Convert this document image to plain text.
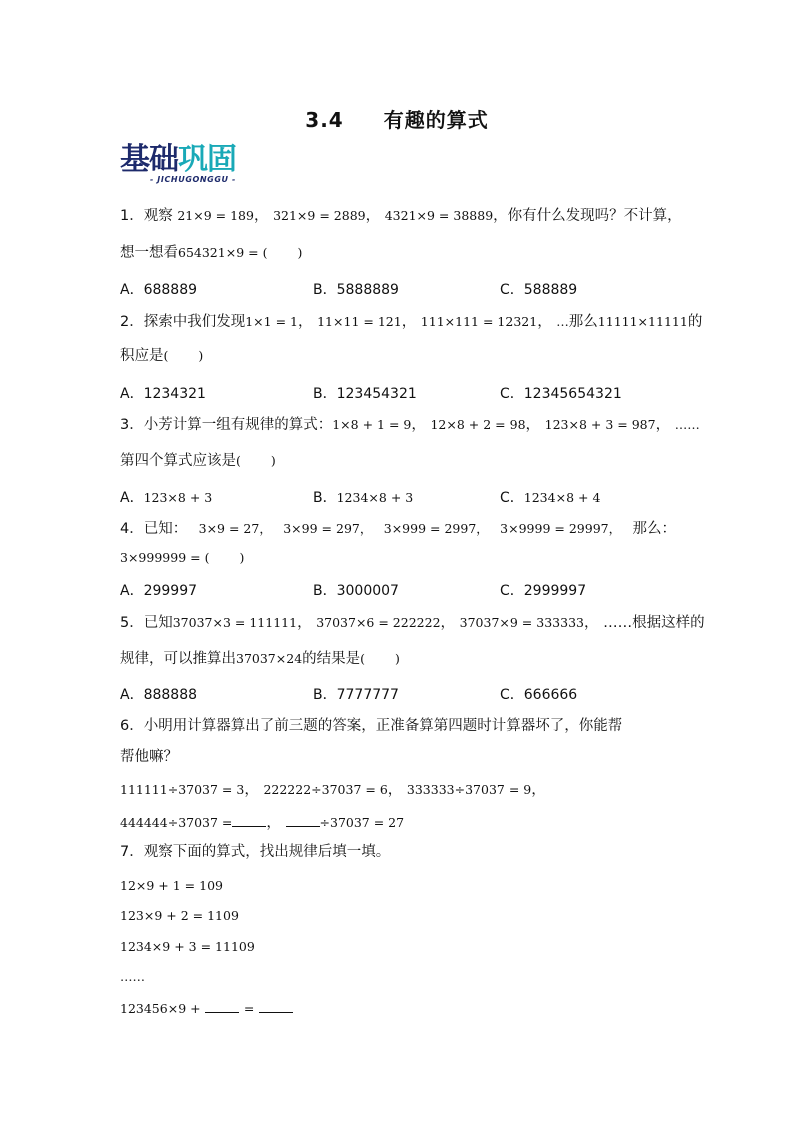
3.4 有趣的算式
基础巩固
- JICHUGONGGU -
1．观察 21×9 = 189， 321×9 = 2889， 4321×9 = 38889，你有什么发现吗？不计算，
想一想看654321×9 = ( )
A．688889	B．5888889	C．588889
2．探索中我们发现1×1 = 1， 11×11 = 121， 111×111 = 12321， …那么11111×11111的
积应是( )
A．1234321	B．123454321	C．12345654321
3．小芳计算一组有规律的算式：1×8 + 1 = 9， 12×8 + 2 = 98， 123×8 + 3 = 987， ……
第四个算式应该是( )
A．123×8 + 3	B．1234×8 + 3	C．1234×8 + 4
4．已知： 3×9 = 27， 3×99 = 297， 3×999 = 2997， 3×9999 = 29997， 那么：
3×999999 = ( )
A．299997	B．3000007	C．2999997
5．已知37037×3 = 111111， 37037×6 = 222222， 37037×9 = 333333， ……根据这样的
规律，可以推算出37037×24的结果是( )
A．888888	B．7777777	C．666666
6．小明用计算器算出了前三题的答案，正准备算第四题时计算器坏了，你能帮
帮他嘛？
111111÷37037 = 3， 222222÷37037 = 6， 333333÷37037 = 9，
444444÷37037 = ，	÷37037 = 27
7．观察下面的算式，找出规律后填一填。
12×9 + 1 = 109
123×9 + 2 = 1109
1234×9 + 3 = 11109
……
123456×9 +	=
